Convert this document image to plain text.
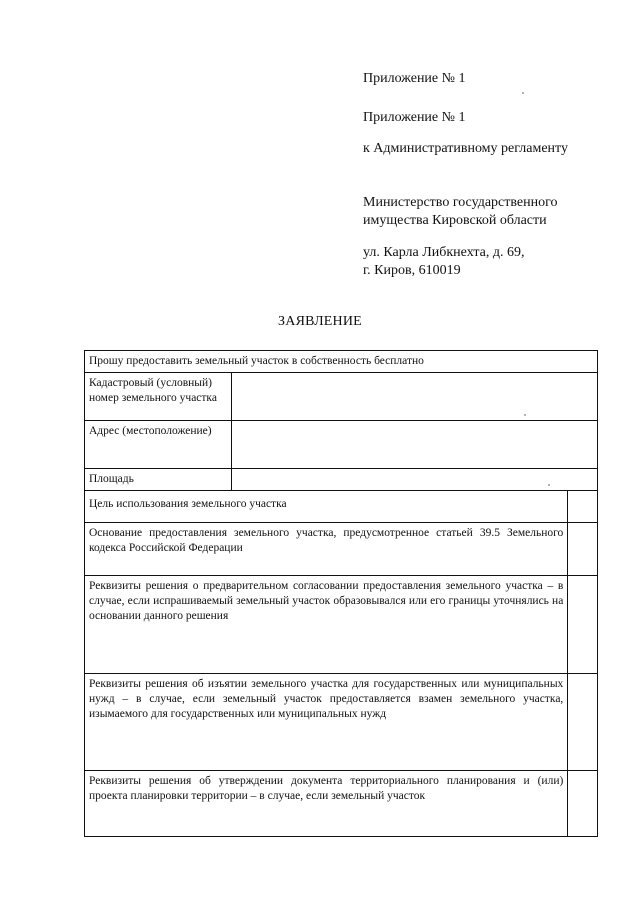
Приложение № 1
Приложение № 1
к Административному регламенту
Министерство государственного
имущества Кировской области
ул. Карла Либкнехта, д. 69,
г. Киров, 610019
ЗАЯВЛЕНИЕ
Прошу предоставить земельный участок в собственность бесплатно		
Кадастровый (условный) номер земельного участка		
Адрес (местоположение)		
Площадь		
Цель использования земельного участка		
Основание предоставления земельного участка, предусмотренное статьей 39.5 Земельного кодекса Российской Федерации		
Реквизиты решения о предварительном согласовании предоставления земельного участка – в случае, если испрашиваемый земельный участок образовывался или его границы уточнялись на основании данного решения		
Реквизиты решения об изъятии земельного участка для государственных или муниципальных нужд – в случае, если земельный участок предоставляется взамен земельного участка, изымаемого для государственных или муниципальных нужд		
Реквизиты решения об утверждении документа территориального планирования и (или) проекта планировки территории – в случае, если земельный участок		
